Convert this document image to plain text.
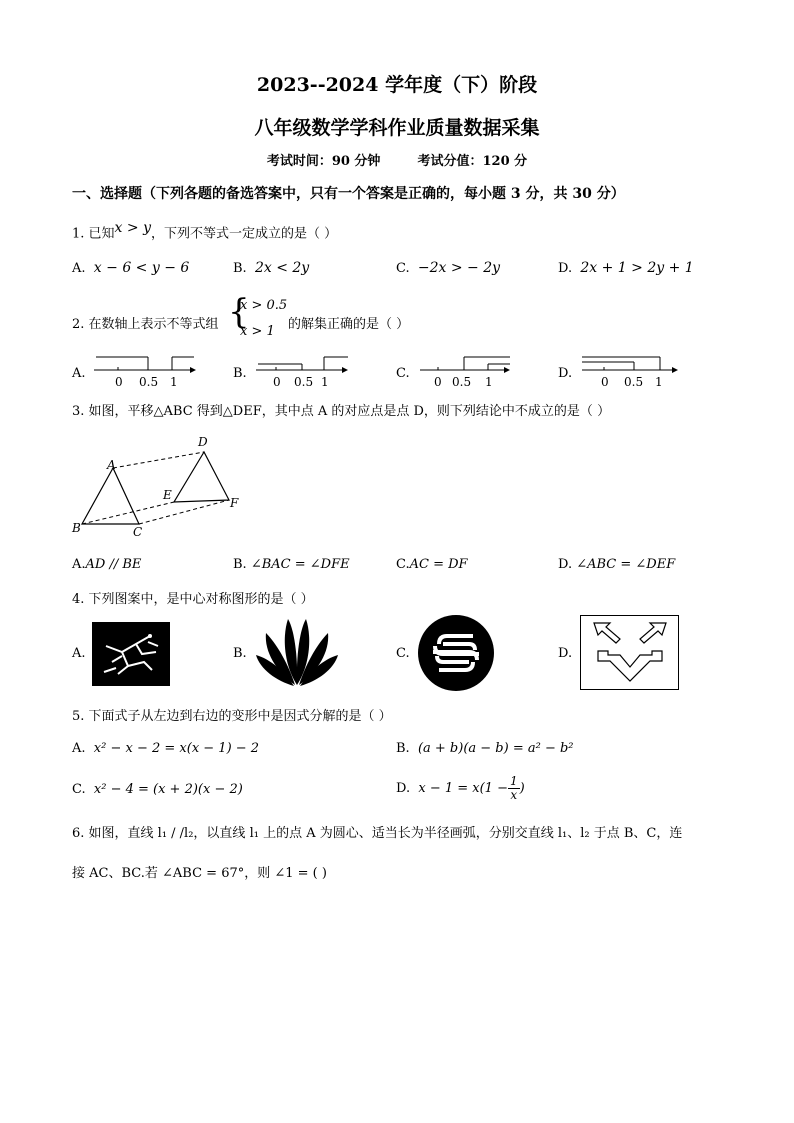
2023--2024 学年度（下）阶段
八年级数学学科作业质量数据采集
考试时间：90 分钟	考试分值：120 分
一、选择题（下列各题的备选答案中，只有一个答案是正确的，每小题 3 分，共 30 分）
1. 已知$^{x > y}$，下列不等式一定成立的是（ ）
A. x − 6 < y − 6	B. 2x < 2y	C. −2x > − 2y	D. 2x + 1 > 2y + 1
2. 在数轴上表示不等式组 {
x > 0.5
x > 1 的解集正确的是（ ）
A.
0 0.5 1
B.
0 0.5 1
C.
0 0.5 1
D.
0 0.5 1
3. 如图，平移△ABC 得到△DEF，其中点 A 的对应点是点 D，则下列结论中不成立的是（ ）
A
B	C
D
E
F
A.AD // BE	B. ∠BAC = ∠DFE	C.AC = DF	D. ∠ABC = ∠DEF
4. 下列图案中，是中心对称图形的是（ ）
A.	B.	C.	D.
5. 下面式子从左边到右边的变形中是因式分解的是（ ）
A. x² − x − 2 = x(x − 1) − 2	B. (a + b)(a − b) = a² − b²
C. x² − 4 = (x + 2)(x − 2)	D. $x - 1 = x(1 - \frac{1}{x}$ )
6. 如图，直线 l₁ / /l₂，以直线 l₁ 上的点 A 为圆心、适当长为半径画弧，分别交直线 l₁、l₂ 于点 B、C，连
接 AC、BC.若 ∠ABC = 67°，则 ∠1 = ( )
